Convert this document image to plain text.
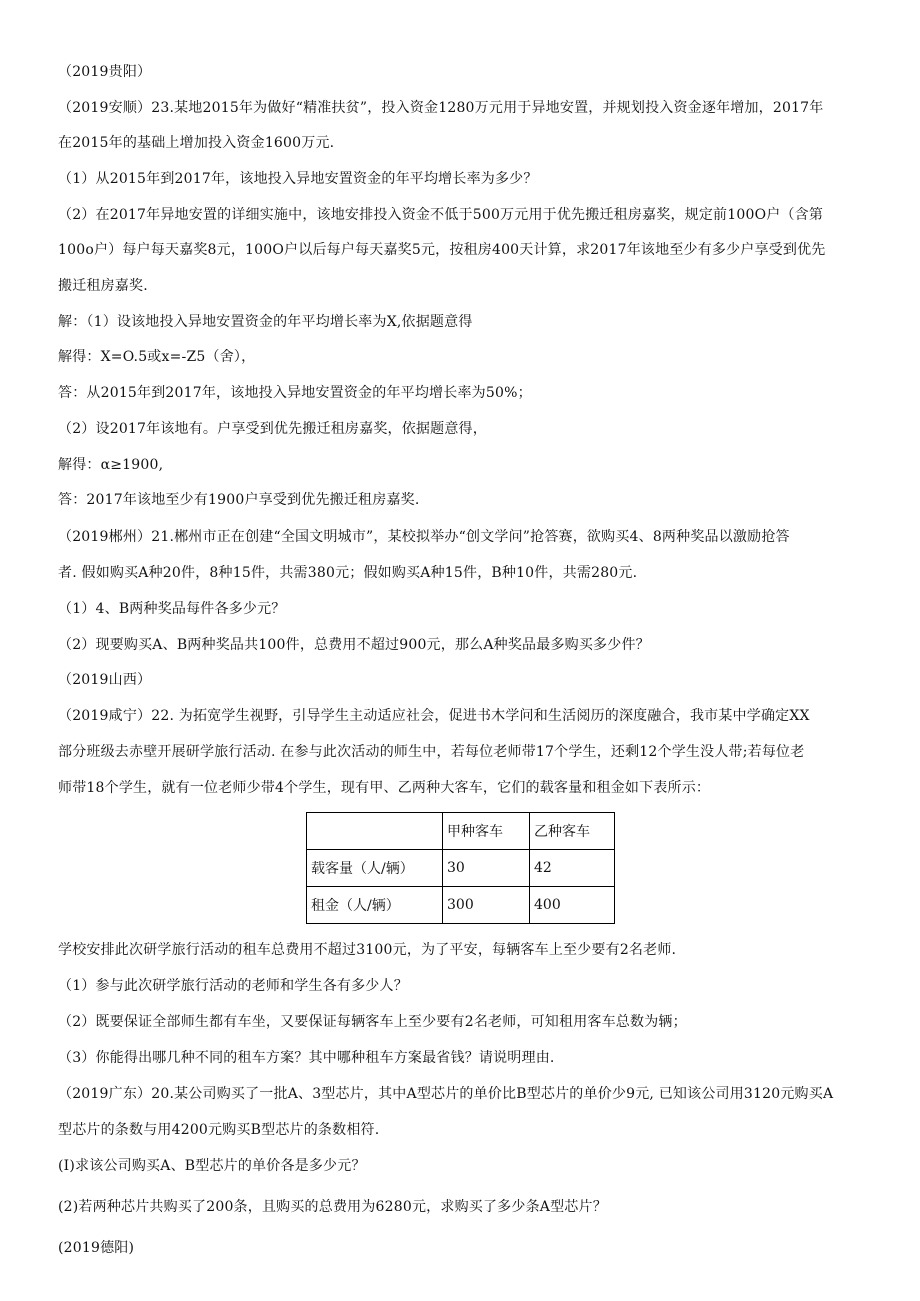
（2019贵阳）
（2019安顺）23.某地2015年为做好“精准扶贫”，投入资金1280万元用于异地安置，并规划投入资金逐年增加，2017年
在2015年的基础上增加投入资金1600万元.
（1）从2015年到2017年，该地投入异地安置资金的年平均增长率为多少？
（2）在2017年异地安置的详细实施中，该地安排投入资金不低于500万元用于优先搬迁租房嘉奖，规定前100O户（含第
100o户）每户每天嘉奖8元，100O户以后每户每天嘉奖5元，按租房400天计算，求2017年该地至少有多少户享受到优先
搬迁租房嘉奖.
解：（1）设该地投入异地安置资金的年平均增长率为X,依据题意得
解得：X=O.5或x=-Z5（舍），
答：从2015年到2017年，该地投入异地安置资金的年平均增长率为50%；
（2）设2017年该地有。户享受到优先搬迁租房嘉奖，依据题意得，
解得：α≥1900,
答：2017年该地至少有1900户享受到优先搬迁租房嘉奖.
（2019郴州）21.郴州市正在创建“全国文明城市”，某校拟举办“创文学问”抢答赛，欲购买4、8两种奖品以激励抢答
者. 假如购买A种20件，8种15件，共需380元；假如购买A种15件，B种10件，共需280元.
（1）4、B两种奖品每件各多少元？
（2）现要购买A、B两种奖品共100件，总费用不超过900元，那么A种奖品最多购买多少件？
（2019山西）
（2019咸宁）22. 为拓宽学生视野，引导学生主动适应社会，促进书木学问和生活阅历的深度融合，我市某中学确定XX
部分班级去赤壁开展研学旅行活动. 在参与此次活动的师生中，若每位老师带17个学生，还剩12个学生没人带;若每位老
师带18个学生，就有一位老师少带4个学生，现有甲、乙两种大客车，它们的载客量和租金如下表所示：
	甲种客车	乙种客车
载客量（人/辆）	30	42
租金（人/辆）	300	400
学校安排此次研学旅行活动的租车总费用不超过3100元，为了平安，每辆客车上至少要有2名老师.
（1）参与此次研学旅行活动的老师和学生各有多少人？
（2）既要保证全部师生都有车坐，又要保证每辆客车上至少要有2名老师，可知租用客车总数为辆；
（3）你能得出哪几种不同的租车方案？其中哪种租车方案最省钱？请说明理由.
（2019广东）20.某公司购买了一批A、3型芯片，其中A型芯片的单价比B型芯片的单价少9元, 已知该公司用3120元购买A
型芯片的条数与用4200元购买B型芯片的条数相符.
(I)求该公司购买A、B型芯片的单价各是多少元？
(2)若两种芯片共购买了200条，且购买的总费用为6280元，求购买了多少条A型芯片？
(2019德阳)
